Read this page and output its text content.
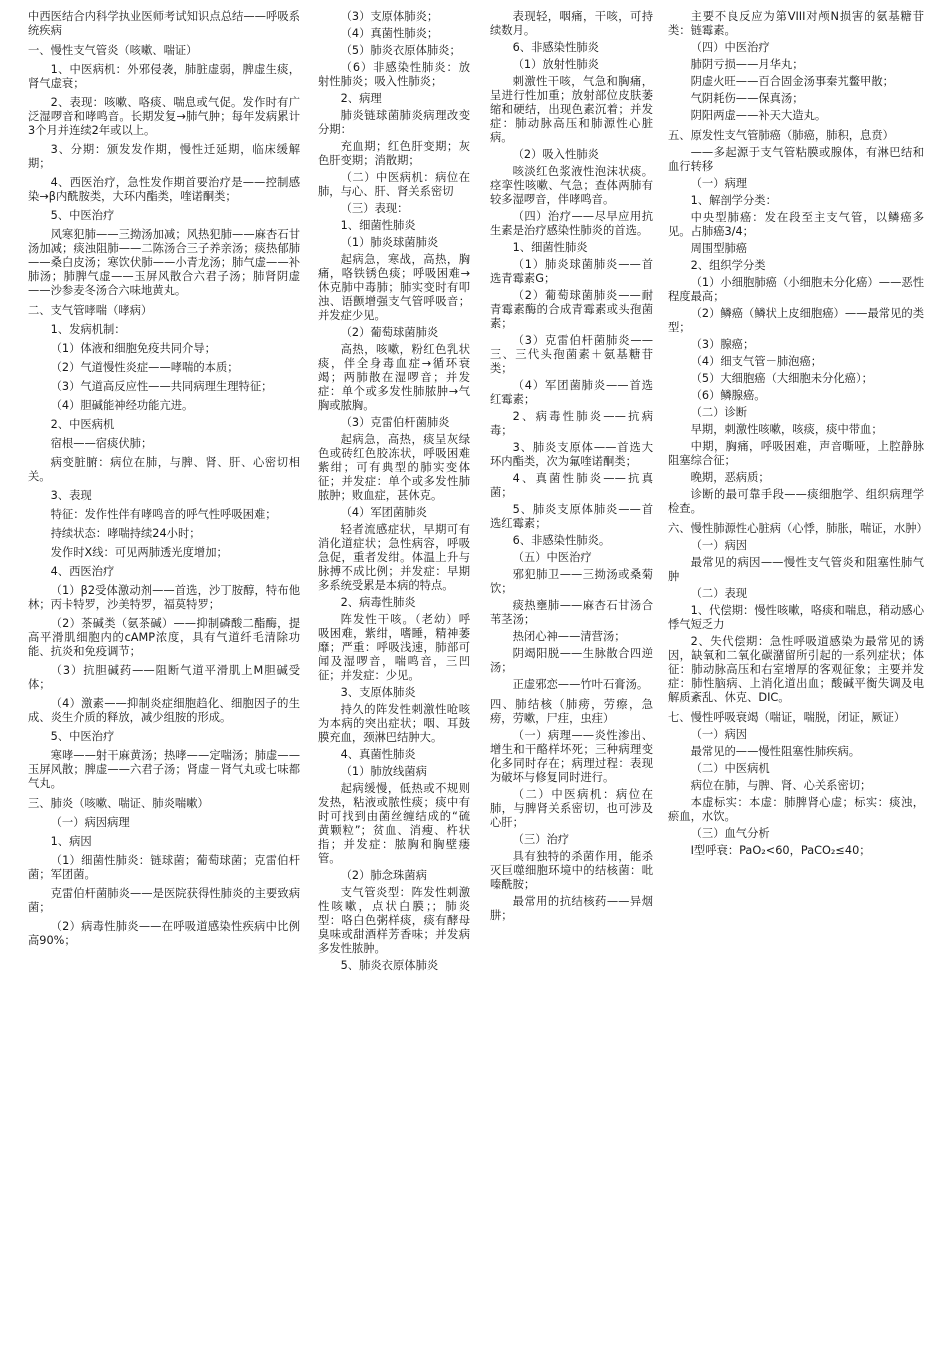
中西医结合内科学执业医师考试知识点总结——呼吸系统疾病

一、慢性支气管炎（咳嗽、喘证）

1、中医病机：外邪侵袭，肺脏虚弱，脾虚生痰，肾气虚衰；

2、表现：咳嗽、咯痰、喘息或气促。发作时有广泛湿啰音和哮鸣音。长期发复→肺气肿；每年发病累计3个月并连续2年或以上。

3、分期：颁发发作期，慢性迁延期，临床缓解期；

4、西医治疗，急性发作期首要治疗是——控制感染→β内酰胺类，大环内酯类，喹诺酮类；

5、中医治疗

风寒犯肺——三拗汤加减；风热犯肺——麻杏石甘汤加减；痰浊阻肺——二陈汤合三子养亲汤；痰热郁肺——桑白皮汤；寒饮伏肺——小青龙汤；肺气虚——补肺汤；肺脾气虚——玉屏风散合六君子汤；肺肾阴虚——沙参麦冬汤合六味地黄丸。

二、支气管哮喘（哮病）

1、发病机制：

（1）体液和细胞免疫共同介导；

（2）气道慢性炎症——哮喘的本质；

（3）气道高反应性——共同病理生理特征；

（4）胆碱能神经功能亢进。

2、中医病机

宿根——宿痰伏肺；

病变脏腑：病位在肺，与脾、肾、肝、心密切相关。

3、表现

特征：发作性伴有哮鸣音的呼气性呼吸困难；

持续状态：哮喘持续24小时；

发作时X线：可见两肺透光度增加；

4、西医治疗

（1）β2受体激动剂——首选，沙丁胺醇，特布他林；丙卡特罗，沙美特罗，福莫特罗；

（2）茶碱类（氨茶碱）——抑制磷酸二酯酶，提高平滑肌细胞内的cAMP浓度，具有气道纤毛清除功能、抗炎和免疫调节；

（3）抗胆碱药——阻断气道平滑肌上M胆碱受体；

（4）激素——抑制炎症细胞趋化、细胞因子的生成、炎生介质的释放，减少组胺的形成。

5、中医治疗

寒哮——射干麻黄汤；热哮——定喘汤；肺虚——玉屏风散；脾虚——六君子汤；肾虚－肾气丸或七味都气丸。

三、肺炎（咳嗽、喘证、肺炎喘嗽）

（一）病因病理

1、病因

（1）细菌性肺炎：链球菌；葡萄球菌；克雷伯杆菌；军团菌。

克雷伯杆菌肺炎——是医院获得性肺炎的主要致病菌；

（2）病毒性肺炎——在呼吸道感染性疾病中比例高90%；

（3）支原体肺炎；

（4）真菌性肺炎；

（5）肺炎衣原体肺炎；

（6）非感染性肺炎：放射性肺炎；吸入性肺炎；

2、病理

肺炎链球菌肺炎病理改变分期：

充血期；红色肝变期；灰色肝变期；消散期；

（二）中医病机：病位在肺，与心、肝、肾关系密切

（三）表现：

1、细菌性肺炎

（1）肺炎球菌肺炎

起病急，寒战，高热，胸痛，咯铁锈色痰；呼吸困难→休克肺中毒肺；肺实变时有叩浊、语颤增强支气管呼吸音；并发症少见。

（2）葡萄球菌肺炎

高热，咳嗽，粉红色乳状痰，伴全身毒血症→循环衰竭；两肺散在湿啰音；并发症：单个或多发性肺脓肿→气胸或脓胸。

（3）克雷伯杆菌肺炎

起病急，高热，痰呈灰绿色或砖红色胶冻状，呼吸困难紫绀；可有典型的肺实变体征；并发症：单个或多发性肺脓肿；败血症，甚休克。

（4）军团菌肺炎

轻者流感症状，早期可有消化道症状；急性病容，呼吸急促，重者发绀。体温上升与脉搏不成比例；并发症：早期多系统受累是本病的特点。

2、病毒性肺炎

阵发性干咳。（老幼）呼吸困难，紫绀，嗜睡，精神萎靡；严重：呼吸浅速，肺部可闻及湿啰音，喘鸣音，三凹征；并发症：少见。

3、支原体肺炎

持久的阵发性刺激性呛咳为本病的突出症状；咽、耳鼓膜充血，颈淋巴结肿大。

4、真菌性肺炎

（1）肺放线菌病

起病缓慢，低热或不规则发热，粘液或脓性痰；痰中有时可找到由菌丝缠结成的“硫黄颗粒”；贫血、消瘦、杵状指；并发症：脓胸和胸壁瘘管。

（2）肺念珠菌病

支气管炎型：阵发性刺激性咳嗽，点状白膜；；肺炎型：咯白色粥样痰，痰有酵母臭味或甜酒样芳香味；并发病多发性脓肿。

5、肺炎衣原体肺炎

表现轻，咽痛，干咳，可持续数月。

6、非感染性肺炎

（1）放射性肺炎

刺激性干咳，气急和胸痛，呈进行性加重；放射部位皮肤萎缩和硬结，出现色素沉着；并发症：肺动脉高压和肺源性心脏病。

（2）吸入性肺炎

咳淡红色浆液性泡沫状痰。痉挛性咳嗽、气急；查体两肺有较多湿啰音，伴哮鸣音。

（四）治疗——尽早应用抗生素是治疗感染性肺炎的首选。

1、细菌性肺炎

（1）肺炎球菌肺炎——首选青霉素G；

（2）葡萄球菌肺炎——耐青霉素酶的合成青霉素或头孢菌素；

（3）克雷伯杆菌肺炎——三、三代头孢菌素＋氨基糖苷类；

（4）军团菌肺炎——首选红霉素；

2、病毒性肺炎——抗病毒；

3、肺炎支原体——首选大环内酯类，次为氟喹诺酮类；

4、真菌性肺炎——抗真菌；

5、肺炎支原体肺炎——首选红霉素；

6、非感染性肺炎。

（五）中医治疗

邪犯肺卫——三拗汤或桑菊饮；

痰热壅肺——麻杏石甘汤合苇茎汤；

热闭心神——清营汤；

阴竭阳脱——生脉散合四逆汤；

正虚邪恋——竹叶石膏汤。

四、肺结核（肺痨，劳瘵，急痨，劳嗽，尸疰，虫疰）

（一）病理——炎性渗出、增生和干酪样坏死；三种病理变化多同时存在；病理过程：表现为破坏与修复同时进行。

（二）中医病机：病位在肺，与脾肾关系密切，也可涉及心肝；

（三）治疗

具有独特的杀菌作用，能杀灭巨噬细胞环境中的结核菌：吡嗪酰胺；

最常用的抗结核药——异烟肼；

主要不良反应为第VIII对颅N损害的氨基糖苷类：链霉素。

（四）中医治疗

肺阴亏损——月华丸；

阴虚火旺——百合固金汤事秦艽鳖甲散；

气阴耗伤——保真汤；

阴阳两虚——补天大造丸。

五、原发性支气管肺癌（肺癌，肺积，息贲）

——多起源于支气管粘膜或腺体，有淋巴结和血行转移

（一）病理

1、解剖学分类：

中央型肺癌：发在段至主支气管，以鳞癌多见。占肺癌3/4；

周围型肺癌

2、组织学分类

（1）小细胞肺癌（小细胞未分化癌）——恶性程度最高；

（2）鳞癌（鳞状上皮细胞癌）——最常见的类型；

（3）腺癌；

（4）细支气管－肺泡癌；

（5）大细胞癌（大细胞未分化癌）；

（6）鳞腺癌。

（二）诊断

早期，刺激性咳嗽，咳痰，痰中带血；

中期，胸痛，呼吸困难，声音嘶哑，上腔静脉阻塞综合征；

晚期，恶病质；

诊断的最可靠手段——痰细胞学、组织病理学检查。

六、慢性肺源性心脏病（心悸，肺胀，喘证，水肿）

（一）病因

最常见的病因——慢性支气管炎和阻塞性肺气肿

（二）表现

1、代偿期：慢性咳嗽，咯痰和喘息，稍动感心悸气短乏力

2、失代偿期：急性呼吸道感染为最常见的诱因，缺氧和二氧化碳潴留所引起的一系列症状；体征：肺动脉高压和右室增厚的客观征象；主要并发症：肺性脑病、上消化道出血；酸碱平衡失调及电解质紊乱、休克、DIC。

七、慢性呼吸衰竭（喘证，喘脱，闭证，厥证）

（一）病因

最常见的——慢性阻塞性肺疾病。

（二）中医病机

病位在肺，与脾、肾、心关系密切；

本虚标实：本虚：肺脾肾心虚；标实：痰浊，瘀血，水饮。

（三）血气分析

I型呼衰：PaO₂<60，PaCO₂≤40；
